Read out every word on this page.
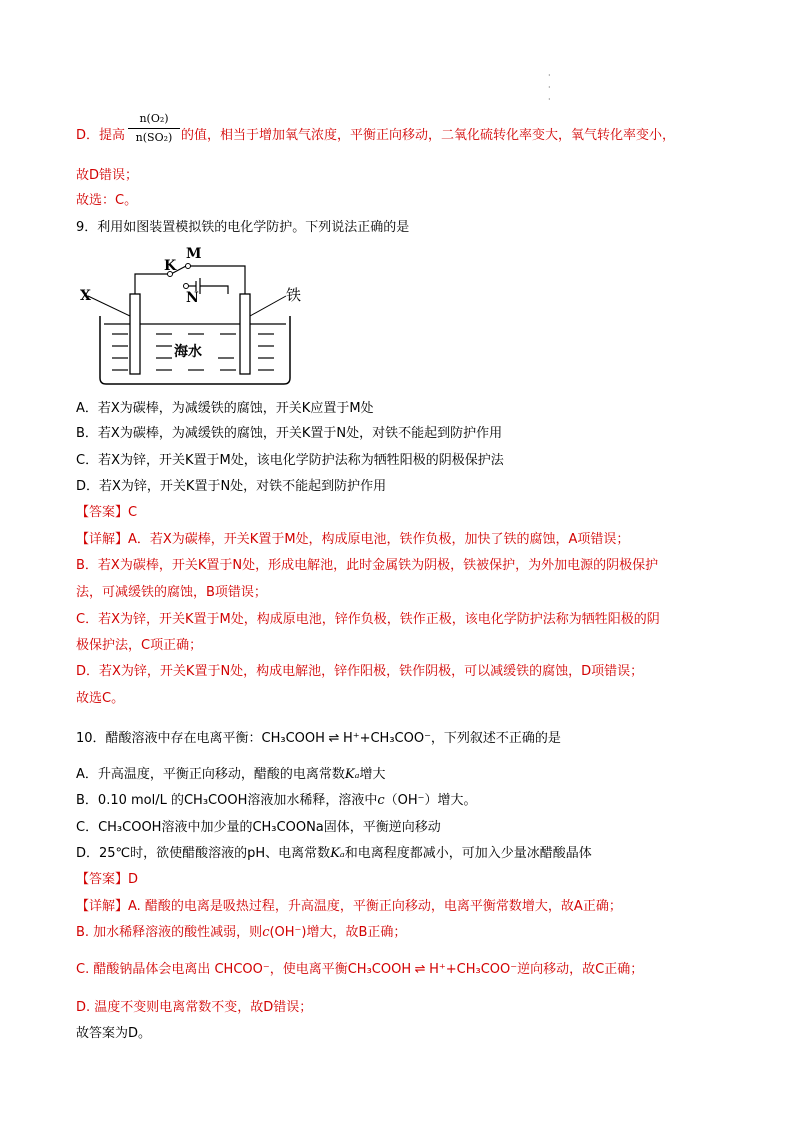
·
·
·
D．提高	的值，相当于增加氧气浓度，平衡正向移动，二氧化硫转化率变大，氧气转化率变小，
n(O₂)
n(SO₂)
故D错误；
故选：C。
9．利用如图装置模拟铁的电化学防护。下列说法正确的是
M
K
N
X	铁
海水
A．若X为碳棒，为减缓铁的腐蚀，开关K应置于M处
B．若X为碳棒，为减缓铁的腐蚀，开关K置于N处，对铁不能起到防护作用
C．若X为锌，开关K置于M处，该电化学防护法称为牺牲阳极的阴极保护法
D．若X为锌，开关K置于N处，对铁不能起到防护作用
【答案】C
【详解】A．若X为碳棒，开关K置于M处，构成原电池，铁作负极，加快了铁的腐蚀，A项错误；
B．若X为碳棒，开关K置于N处，形成电解池，此时金属铁为阴极，铁被保护，为外加电源的阴极保护
法，可减缓铁的腐蚀，B项错误；
C．若X为锌，开关K置于M处，构成原电池，锌作负极，铁作正极，该电化学防护法称为牺牲阳极的阴
极保护法，C项正确；
D．若X为锌，开关K置于N处，构成电解池，锌作阳极，铁作阴极，可以减缓铁的腐蚀，D项错误；
故选C。
10．醋酸溶液中存在电离平衡：CH₃COOH ⇌ H⁺+CH₃COO⁻，下列叙述不正确的是
A．升高温度，平衡正向移动，醋酸的电离常数Kₐ增大
B．0.10 mol/L 的CH₃COOH溶液加水稀释，溶液中c（OH⁻）增大。
C．CH₃COOH溶液中加少量的CH₃COONa固体，平衡逆向移动
D．25℃时，欲使醋酸溶液的pH、电离常数Kₐ和电离程度都减小，可加入少量冰醋酸晶体
【答案】D
【详解】A. 醋酸的电离是吸热过程，升高温度，平衡正向移动，电离平衡常数增大，故A正确；
B. 加水稀释溶液的酸性减弱，则c(OH⁻)增大，故B正确；
C. 醋酸钠晶体会电离出 CHCOO⁻，使电离平衡CH₃COOH ⇌ H⁺+CH₃COO⁻逆向移动，故C正确；
D. 温度不变则电离常数不变，故D错误；
故答案为D。
